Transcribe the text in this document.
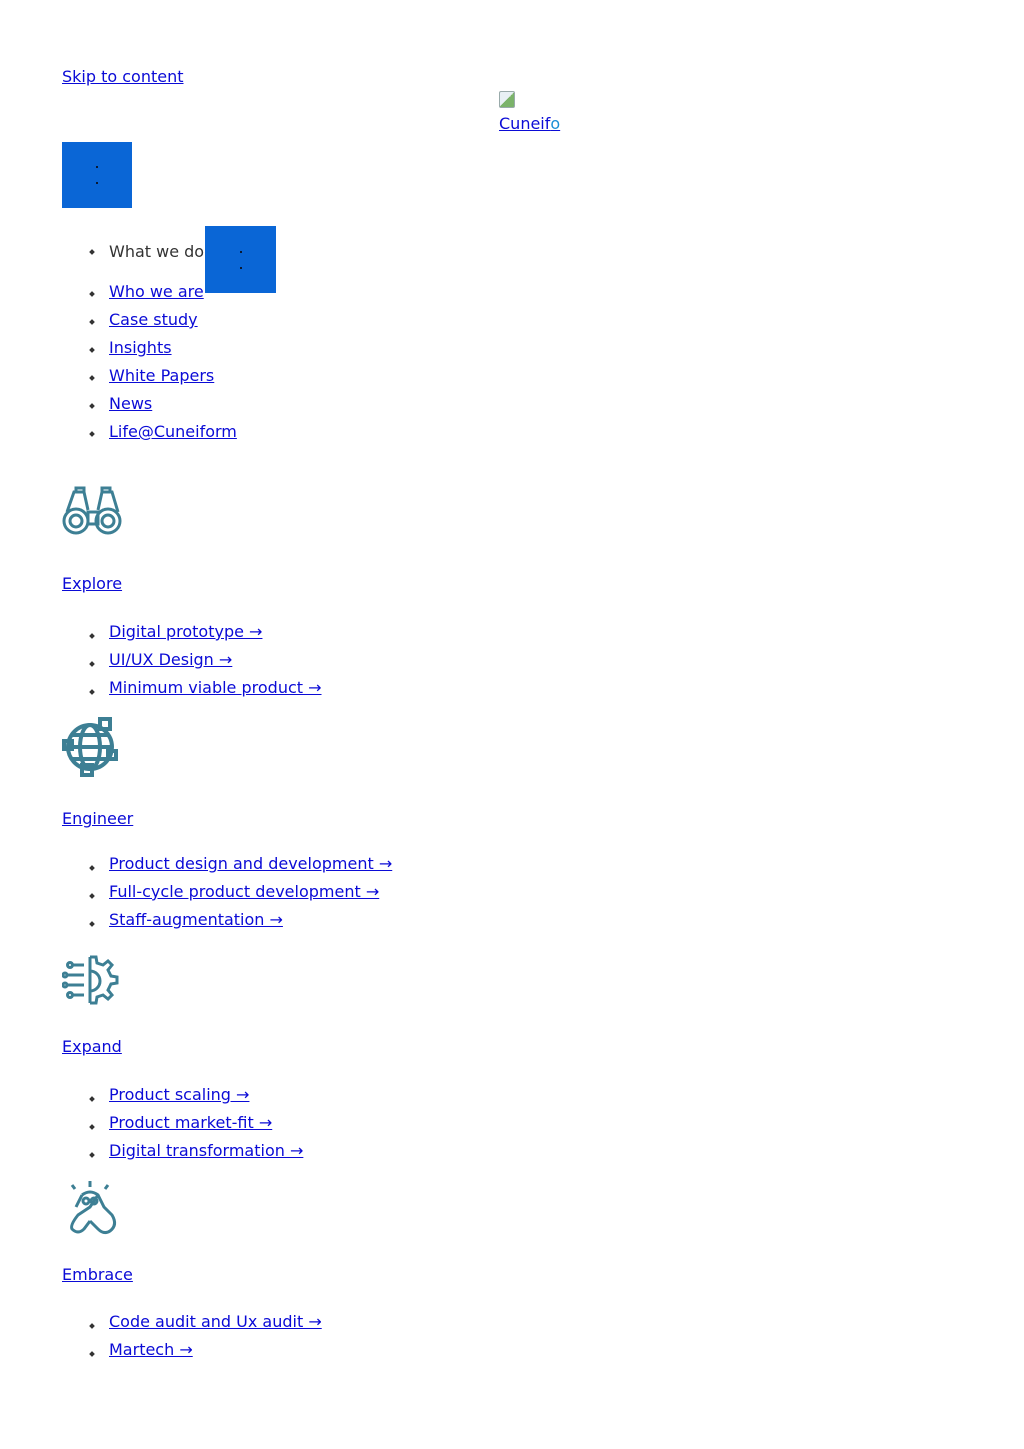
Skip to content
Cuneifo
What we do
Who we are
Case study
Insights
White Papers
News
Life@Cuneiform
Explore
Digital prototype →
UI/UX Design →
Minimum viable product →
Engineer
Product design and development →
Full-cycle product development →
Staff-augmentation →
Expand
Product scaling →
Product market-fit →
Digital transformation →
Embrace
Code audit and Ux audit →
Martech →
